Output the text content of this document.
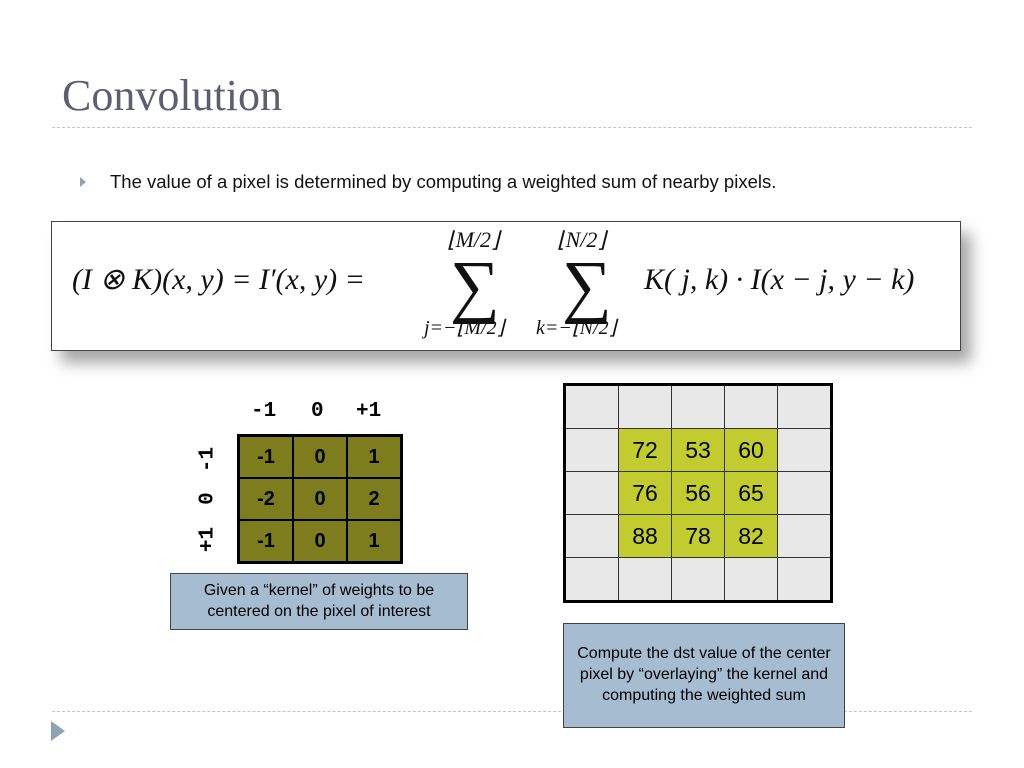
Convolution
The value of a pixel is determined by computing a weighted sum of nearby pixels.
(I ⊗ K)(x, y) = I′(x, y) =
⌊M/2⌋
∑
j=−⌊M/2⌋
⌊N/2⌋
∑
k=−⌊N/2⌋
K( j, k) · I(x − j, y − k)
-1 0 +1
-1
0
+1
-1	0	1
-2	0	2
-1	0	1

	72	53	60	
	76	56	65	
	88	78	82	

Given a “kernel” of weights to be centered on the pixel of interest
Compute the dst value of the center pixel by “overlaying” the kernel and computing the weighted sum
